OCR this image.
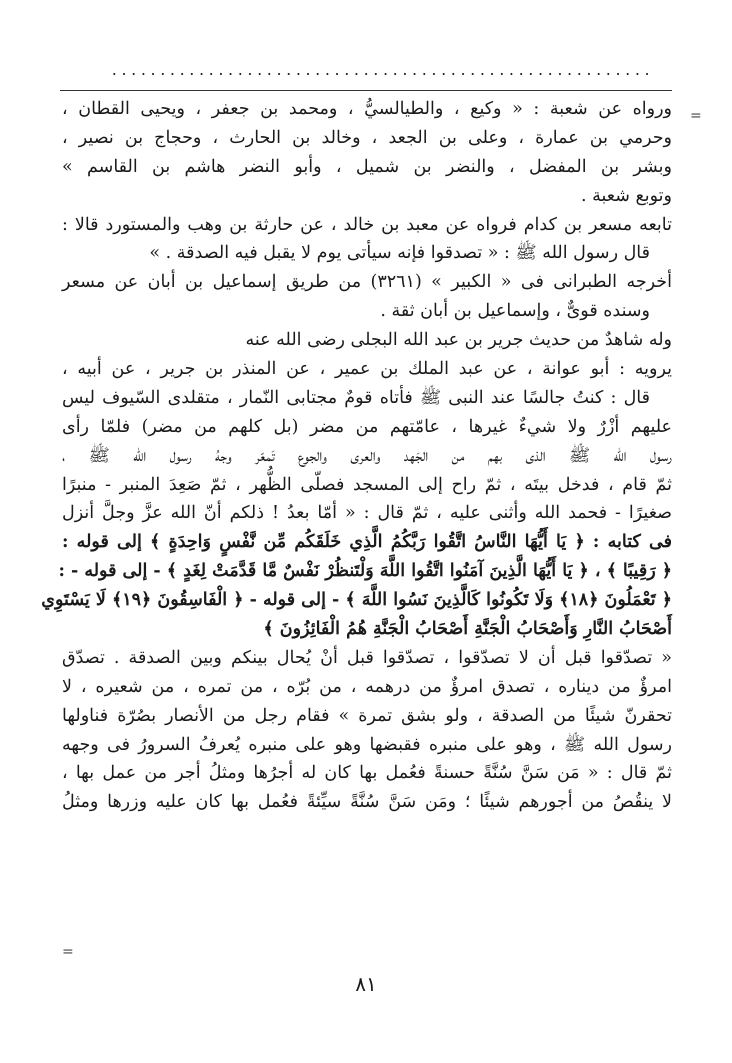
........................................................
=
ورواه عن شعبة : « وكيع ، والطيالسيُّ ، ومحمد بن جعفر ، ويحيى القطان ،
وحرمي بن عمارة ، وعلى بن الجعد ، وخالد بن الحارث ، وحجاج بن نصير ،
وبشر بن المفضل ، والنضر بن شميل ، وأبو النضر هاشم بن القاسم »
وتوبع شعبة .
تابعه مسعر بن كدام فرواه عن معبد بن خالد ، عن حارثة بن وهب والمستورد قالا :
قال رسول الله ﷺ : « تصدقوا فإنه سيأتى يوم لا يقبل فيه الصدقة . »
أخرجه الطبرانى فى « الكبير » (٣٢٦١) من طريق إسماعيل بن أبان عن مسعر
وسنده قوىٌّ ، وإسماعيل بن أبان ثقة .
وله شاهدٌ من حديث جرير بن عبد الله البجلى رضى الله عنه
يرويه : أبو عوانة ، عن عبد الملك بن عمير ، عن المنذر بن جرير ، عن أبيه ،
قال : كنتُ جالسًا عند النبى ﷺ فأتاه قومٌ مجتابى النّمار ، متقلدى السّيوف ليس
عليهم أزْرٌ ولا شيءٌ غيرها ، عامّتهم من مضر (بل كلهم من مضر) فلمّا رأى
رسول الله ﷺ الذى بهم من الجَهد والعرى والجوع تَمعّر وجهُ رسول الله ﷺ ،
ثمّ قام ، فدخل بيتَه ، ثمّ راح إلى المسجد فصلّى الظُّهر ، ثمّ صَعِدَ المنبر - منبرًا
صغيرًا - فحمد الله وأثنى عليه ، ثمّ قال : « أمّا بعدُ ! ذلكم أنّ الله عزَّ وجلَّ أنزل
فى كتابه : ﴿ يَا أَيُّهَا النَّاسُ اتَّقُوا رَبَّكُمُ الَّذِي خَلَقَكُم مِّن نَّفْسٍ وَاحِدَةٍ ﴾ إلى قوله :
﴿ رَقِيبًا ﴾ ، ﴿ يَا أَيُّهَا الَّذِينَ آمَنُوا اتَّقُوا اللَّهَ وَلْتَنظُرْ نَفْسٌ مَّا قَدَّمَتْ لِغَدٍ ﴾ - إلى قوله - :
﴿ تَعْمَلُونَ ﴿١٨﴾ وَلَا تَكُونُوا كَالَّذِينَ نَسُوا اللَّهَ ﴾ - إلى قوله - ﴿ الْفَاسِقُونَ ﴿١٩﴾ لَا يَسْتَوِي
أَصْحَابُ النَّارِ وَأَصْحَابُ الْجَنَّةِ أَصْحَابُ الْجَنَّةِ هُمُ الْفَائِزُونَ ﴾
« تصدّقوا قبل أن لا تصدّقوا ، تصدّقوا قبل أنْ يُحال بينكم وبين الصدقة . تصدّق
امرؤٌ من ديناره ، تصدق امرؤٌ من درهمه ، من بُرّه ، من تمره ، من شعيره ، لا
تحقرنّ شيئًا من الصدقة ، ولو بشق تمرة » فقام رجل من الأنصار بصُرّة فناولها
رسول الله ﷺ ، وهو على منبره فقبضها وهو على منبره يُعرفُ السرورُ فى وجهه
ثمّ قال : « مَن سَنَّ سُنَّةً حسنةً فعُمل بها كان له أجرُها ومثلُ أجر من عمل بها ،
لا ينقُصُ من أجورهم شيئًا ؛ ومَن سَنَّ سُنَّةً سيِّئةً فعُمل بها كان عليه وزرها ومثلُ
=
٨١
